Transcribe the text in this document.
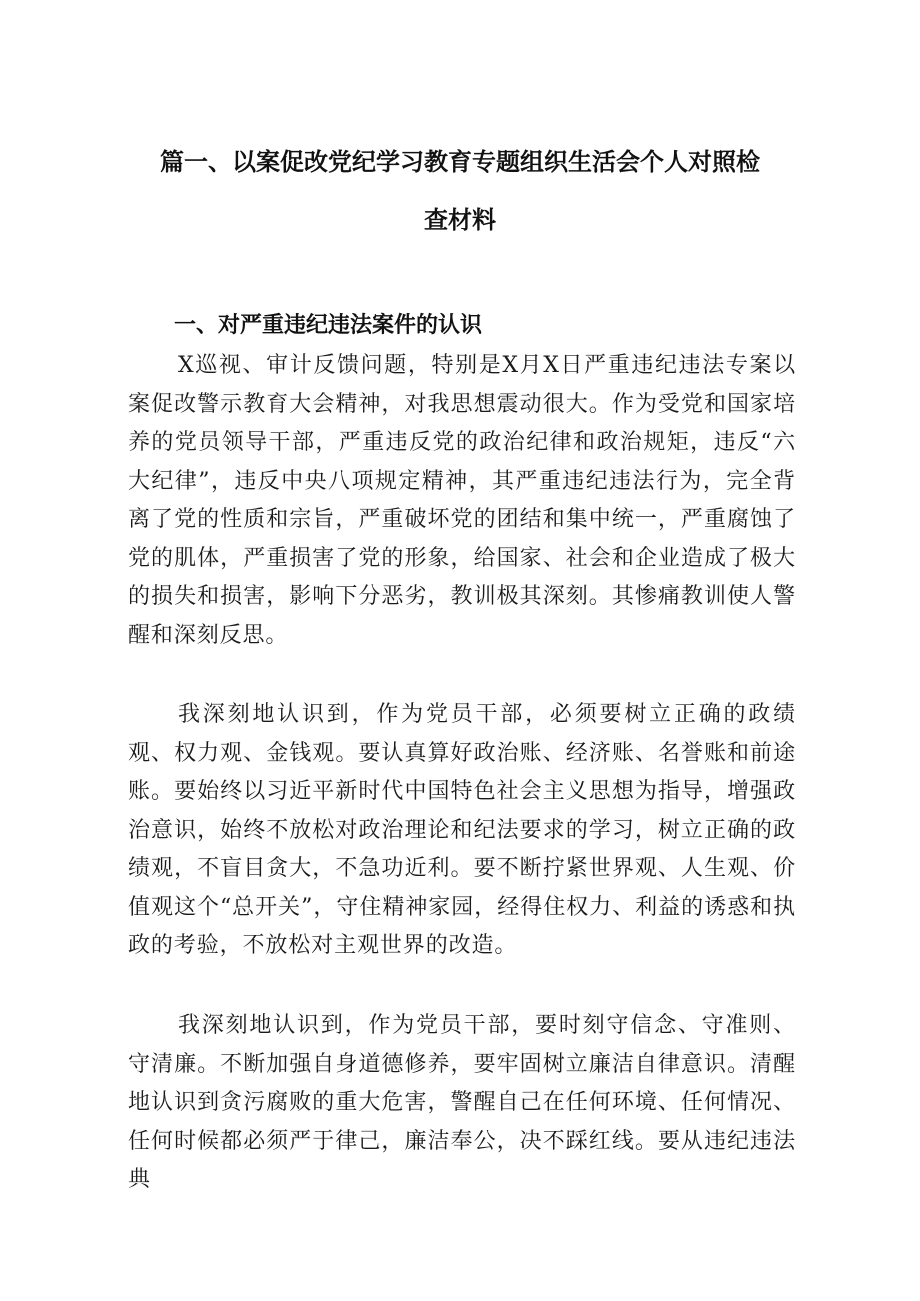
篇一、以案促改党纪学习教育专题组织生活会个人对照检
查材料
一、对严重违纪违法案件的认识

X巡视、审计反馈问题，特别是X月X日严重违纪违法专案以案促改警示教育大会精神，对我思想震动很大。作为受党和国家培养的党员领导干部，严重违反党的政治纪律和政治规矩，违反“六大纪律”，违反中央八项规定精神，其严重违纪违法行为，完全背离了党的性质和宗旨，严重破坏党的团结和集中统一，严重腐蚀了党的肌体，严重损害了党的形象，给国家、社会和企业造成了极大的损失和损害，影响下分恶劣，教训极其深刻。其惨痛教训使人警醒和深刻反思。

我深刻地认识到，作为党员干部，必须要树立正确的政绩观、权力观、金钱观。要认真算好政治账、经济账、名誉账和前途账。要始终以习近平新时代中国特色社会主义思想为指导，增强政治意识，始终不放松对政治理论和纪法要求的学习，树立正确的政绩观，不盲目贪大，不急功近利。要不断拧紧世界观、人生观、价值观这个“总开关”，守住精神家园，经得住权力、利益的诱惑和执政的考验，不放松对主观世界的改造。

我深刻地认识到，作为党员干部，要时刻守信念、守准则、守清廉。不断加强自身道德修养，要牢固树立廉洁自律意识。清醒地认识到贪污腐败的重大危害，警醒自己在任何环境、任何情况、任何时候都必须严于律己，廉洁奉公，决不踩红线。要从违纪违法典
